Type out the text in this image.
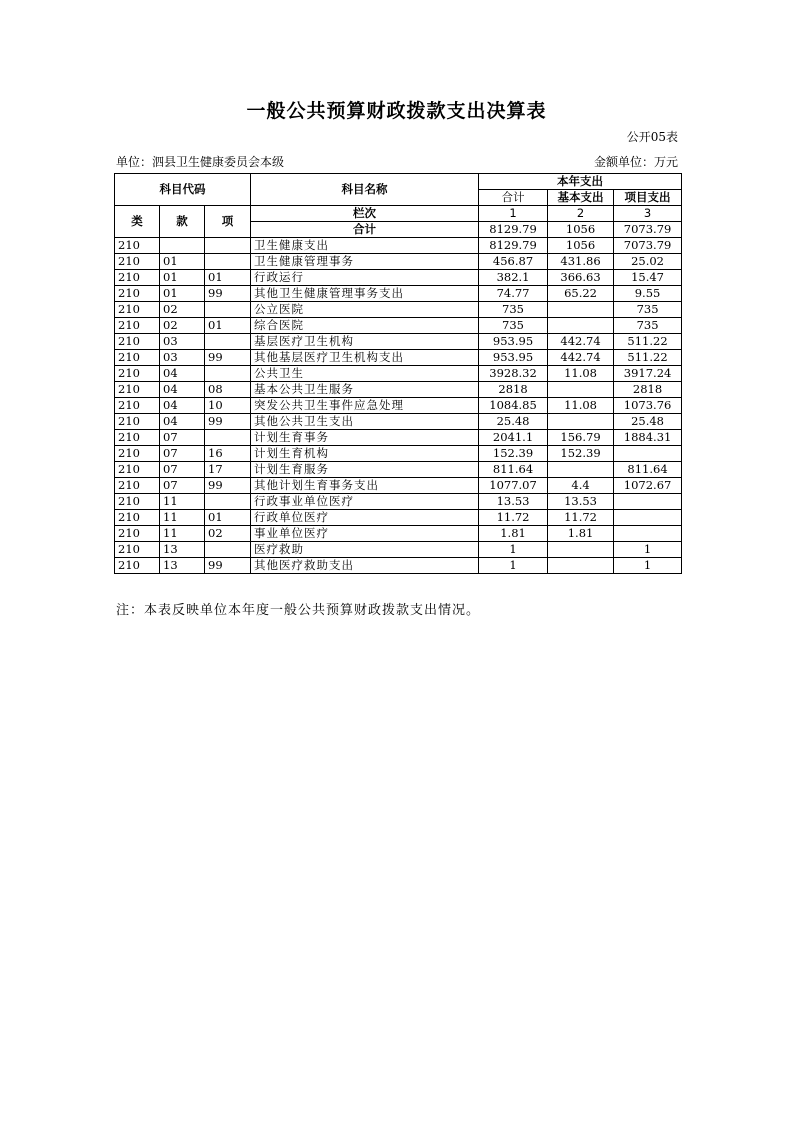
一般公共预算财政拨款支出决算表
公开05表
单位：泗县卫生健康委员会本级	金额单位：万元
科目代码			科目名称	本年支出		
				合计	基本支出	项目支出
类	款	项	栏次	1	2	3
			合计	8129.79	1056	7073.79
210			卫生健康支出	8129.79	1056	7073.79
210	01		卫生健康管理事务	456.87	431.86	25.02
210	01	01	行政运行	382.1	366.63	15.47
210	01	99	其他卫生健康管理事务支出	74.77	65.22	9.55
210	02		公立医院	735		735
210	02	01	综合医院	735		735
210	03		基层医疗卫生机构	953.95	442.74	511.22
210	03	99	其他基层医疗卫生机构支出	953.95	442.74	511.22
210	04		公共卫生	3928.32	11.08	3917.24
210	04	08	基本公共卫生服务	2818		2818
210	04	10	突发公共卫生事件应急处理	1084.85	11.08	1073.76
210	04	99	其他公共卫生支出	25.48		25.48
210	07		计划生育事务	2041.1	156.79	1884.31
210	07	16	计划生育机构	152.39	152.39	
210	07	17	计划生育服务	811.64		811.64
210	07	99	其他计划生育事务支出	1077.07	4.4	1072.67
210	11		行政事业单位医疗	13.53	13.53	
210	11	01	行政单位医疗	11.72	11.72	
210	11	02	事业单位医疗	1.81	1.81	
210	13		医疗救助	1		1
210	13	99	其他医疗救助支出	1		1
注：本表反映单位本年度一般公共预算财政拨款支出情况。
